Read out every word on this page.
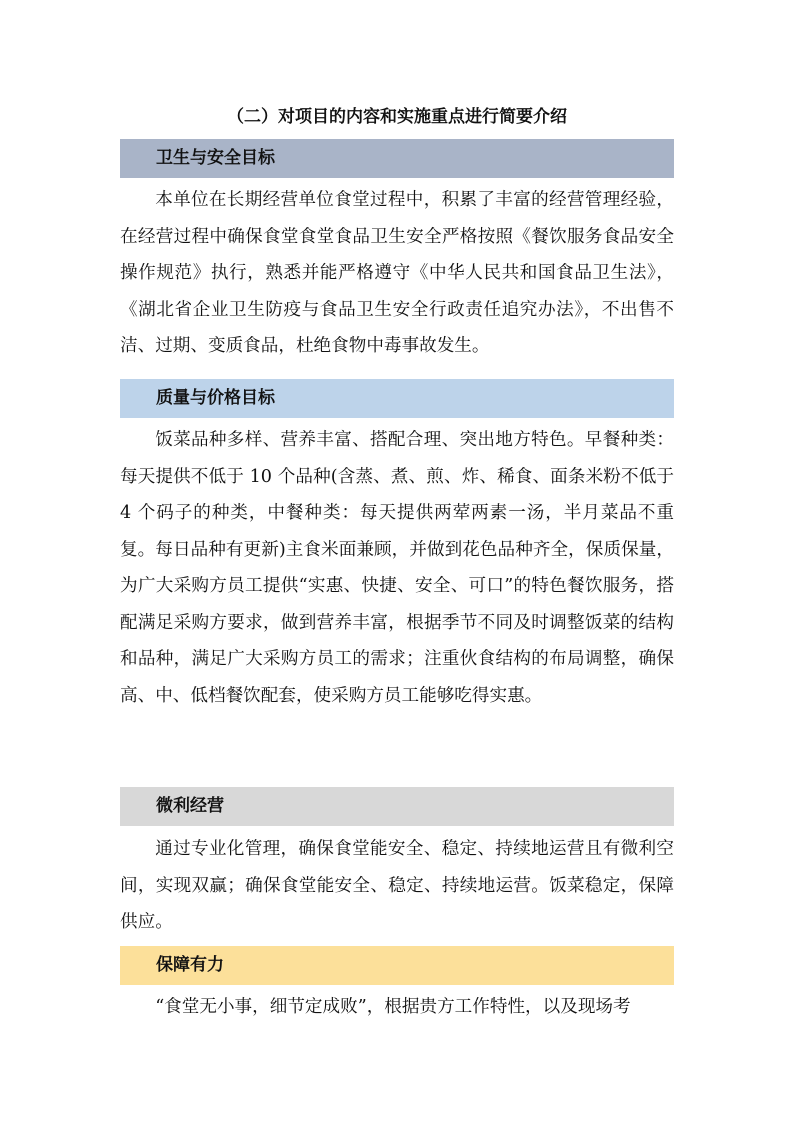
（二）对项目的内容和实施重点进行简要介绍
卫生与安全目标

本单位在长期经营单位食堂过程中，积累了丰富的经营管理经验，在经营过程中确保食堂食堂食品卫生安全严格按照《餐饮服务食品安全操作规范》执行，熟悉并能严格遵守《中华人民共和国食品卫生法》，《湖北省企业卫生防疫与食品卫生安全行政责任追究办法》，不出售不洁、过期、变质食品，杜绝食物中毒事故发生。

质量与价格目标

饭菜品种多样、营养丰富、搭配合理、突出地方特色。早餐种类：每天提供不低于 10 个品种(含蒸、煮、煎、炸、稀食、面条米粉不低于 4 个码子的种类，中餐种类：每天提供两荤两素一汤，半月菜品不重复。每日品种有更新)主食米面兼顾，并做到花色品种齐全，保质保量，为广大采购方员工提供“实惠、快捷、安全、可口”的特色餐饮服务，搭配满足采购方要求，做到营养丰富，根据季节不同及时调整饭菜的结构和品种，满足广大采购方员工的需求；注重伙食结构的布局调整，确保高、中、低档餐饮配套，使采购方员工能够吃得实惠。

微利经营

通过专业化管理，确保食堂能安全、稳定、持续地运营且有微利空间，实现双赢；确保食堂能安全、稳定、持续地运营。饭菜稳定，保障供应。

保障有力

“食堂无小事，细节定成败”，根据贵方工作特性，以及现场考
